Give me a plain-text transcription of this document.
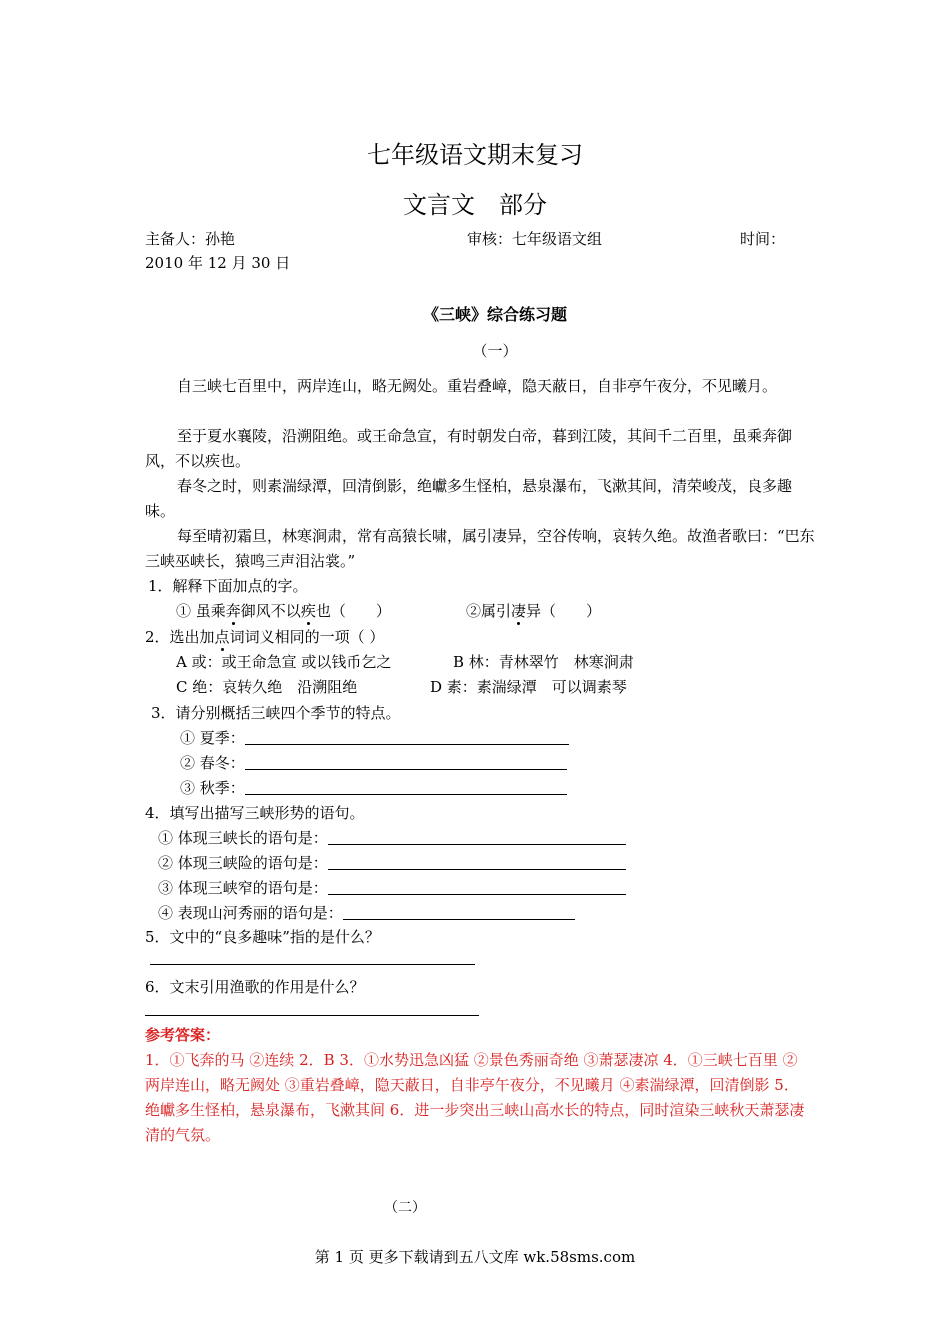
七年级语文期末复习
文言文　部分
主备人：孙艳	审核：七年级语文组	时间：
2010 年 12 月 30 日
《三峡》综合练习题
（一）
自三峡七百里中，两岸连山，略无阙处。重岩叠嶂，隐天蔽日，自非亭午夜分，不见曦月。
至于夏水襄陵，沿溯阻绝。或王命急宣，有时朝发白帝，暮到江陵，其间千二百里，虽乘奔御风，不以疾也。
春冬之时，则素湍绿潭，回清倒影，绝巘多生怪柏，悬泉瀑布，飞漱其间，清荣峻茂，良多趣味。
每至晴初霜旦，林寒涧肃，常有高猿长啸，属引凄异，空谷传响，哀转久绝。故渔者歌曰：“巴东三峡巫峡长，猿鸣三声泪沾裳。”
1．解释下面加点的字。
① 虽乘奔御风不以疾也（　　）	②属引凄异（　　）
2．选出加点词词义相同的一项（ ）
A 或：或王命急宣 或以钱币乞之	B 林：青林翠竹　林寒涧肃
C 绝：哀转久绝　沿溯阻绝	D 素：素湍绿潭　可以调素琴
3．请分别概括三峡四个季节的特点。
① 夏季：
② 春冬：
③ 秋季：
4．填写出描写三峡形势的语句。
① 体现三峡长的语句是：
② 体现三峡险的语句是：
③ 体现三峡窄的语句是：
④ 表现山河秀丽的语句是：
5．文中的“良多趣味”指的是什么？
6．文末引用渔歌的作用是什么？
参考答案：
1．①飞奔的马 ②连续 2．B 3．①水势迅急凶猛 ②景色秀丽奇绝 ③萧瑟凄凉 4．①三峡七百里 ②两岸连山，略无阙处 ③重岩叠嶂，隐天蔽日，自非亭午夜分，不见曦月 ④素湍绿潭，回清倒影 5．绝巘多生怪柏，悬泉瀑布，飞漱其间 6．进一步突出三峡山高水长的特点，同时渲染三峡秋天萧瑟凄清的气氛。
（二）
第 1 页 更多下载请到五八文库 wk.58sms.com
